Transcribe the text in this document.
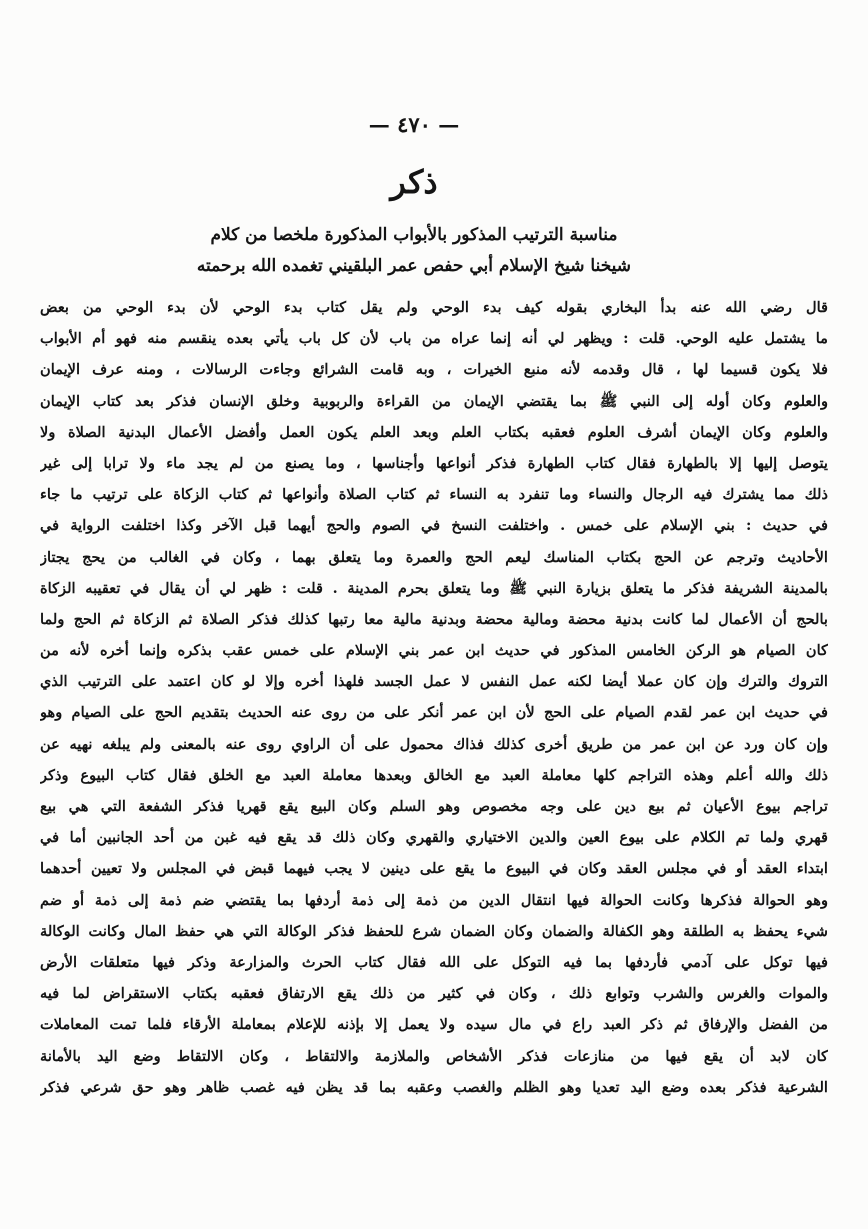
— ٤٧٠ —
ذكر
مناسبة الترتيب المذكور بالأبواب المذكورة ملخصا من كلام
شيخنا شيخ الإسلام أبي حفص عمر البلقيني تغمده الله برحمته
قال رضي الله عنه بدأ البخاري بقوله كيف بدء الوحي ولم يقل كتاب بدء الوحي لأن بدء الوحي من بعض
ما يشتمل عليه الوحي. قلت : ويظهر لي أنه إنما عراه من باب لأن كل باب يأتي بعده ينقسم منه فهو أم الأبواب
فلا يكون قسيما لها ، قال وقدمه لأنه منبع الخيرات ، وبه قامت الشرائع وجاءت الرسالات ، ومنه عرف الإيمان
والعلوم وكان أوله إلى النبي ﷺ بما يقتضي الإيمان من القراءة والربوبية وخلق الإنسان فذكر بعد كتاب الإيمان
والعلوم وكان الإيمان أشرف العلوم فعقبه بكتاب العلم وبعد العلم يكون العمل وأفضل الأعمال البدنية الصلاة ولا
يتوصل إليها إلا بالطهارة فقال كتاب الطهارة فذكر أنواعها وأجناسها ، وما يصنع من لم يجد ماء ولا ترابا إلى غير
ذلك مما يشترك فيه الرجال والنساء وما تنفرد به النساء ثم كتاب الصلاة وأنواعها ثم كتاب الزكاة على ترتيب ما جاء
في حديث : بني الإسلام على خمس . واختلفت النسخ في الصوم والحج أيهما قبل الآخر وكذا اختلفت الرواية في
الأحاديث وترجم عن الحج بكتاب المناسك ليعم الحج والعمرة وما يتعلق بهما ، وكان في الغالب من يحج يجتاز
بالمدينة الشريفة فذكر ما يتعلق بزيارة النبي ﷺ وما يتعلق بحرم المدينة . قلت : ظهر لي أن يقال في تعقيبه الزكاة
بالحج أن الأعمال لما كانت بدنية محضة ومالية محضة وبدنية مالية معا رتبها كذلك فذكر الصلاة ثم الزكاة ثم الحج ولما
كان الصيام هو الركن الخامس المذكور في حديث ابن عمر بني الإسلام على خمس عقب بذكره وإنما أخره لأنه من
التروك والترك وإن كان عملا أيضا لكنه عمل النفس لا عمل الجسد فلهذا أخره وإلا لو كان اعتمد على الترتيب الذي
في حديث ابن عمر لقدم الصيام على الحج لأن ابن عمر أنكر على من روى عنه الحديث بتقديم الحج على الصيام وهو
وإن كان ورد عن ابن عمر من طريق أخرى كذلك فذاك محمول على أن الراوي روى عنه بالمعنى ولم يبلغه نهيه عن
ذلك والله أعلم وهذه التراجم كلها معاملة العبد مع الخالق وبعدها معاملة العبد مع الخلق فقال كتاب البيوع وذكر
تراجم بيوع الأعيان ثم بيع دين على وجه مخصوص وهو السلم وكان البيع يقع قهريا فذكر الشفعة التي هي بيع
قهري ولما تم الكلام على بيوع العين والدين الاختياري والقهري وكان ذلك قد يقع فيه غبن من أحد الجانبين أما في
ابتداء العقد أو في مجلس العقد وكان في البيوع ما يقع على دينين لا يجب فيهما قبض في المجلس ولا تعيين أحدهما
وهو الحوالة فذكرها وكانت الحوالة فيها انتقال الدين من ذمة إلى ذمة أردفها بما يقتضي ضم ذمة إلى ذمة أو ضم
شيء يحفظ به الطلقة وهو الكفالة والضمان وكان الضمان شرع للحفظ فذكر الوكالة التي هي حفظ المال وكانت الوكالة
فيها توكل على آدمي فأردفها بما فيه التوكل على الله فقال كتاب الحرث والمزارعة وذكر فيها متعلقات الأرض
والموات والغرس والشرب وتوابع ذلك ، وكان في كثير من ذلك يقع الارتفاق فعقبه بكتاب الاستقراض لما فيه
من الفضل والإرفاق ثم ذكر العبد راع في مال سيده ولا يعمل إلا بإذنه للإعلام بمعاملة الأرقاء فلما تمت المعاملات
كان لابد أن يقع فيها من منازعات فذكر الأشخاص والملازمة والالتقاط ، وكان الالتقاط وضع اليد بالأمانة
الشرعية فذكر بعده وضع اليد تعديا وهو الظلم والغصب وعقبه بما قد يظن فيه غصب ظاهر وهو حق شرعي فذكر
